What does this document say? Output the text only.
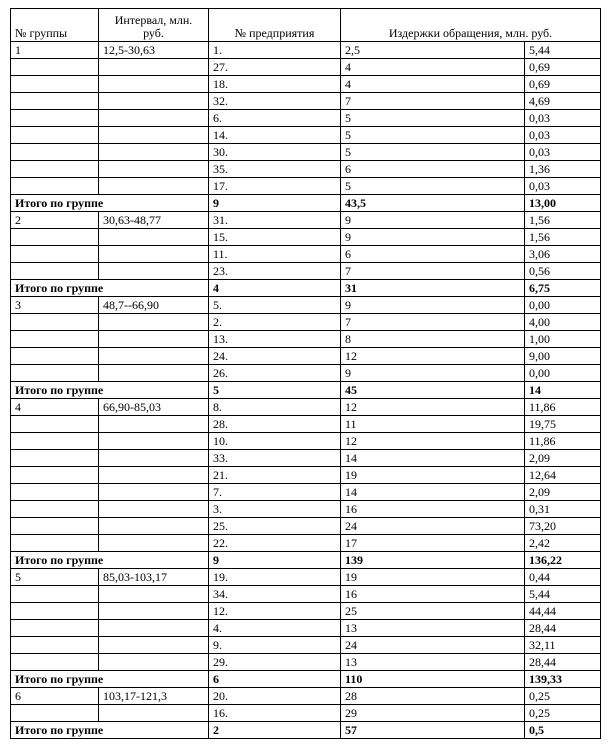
№ группы	Интервал, млн. руб.	№ предприятия	Издержки обращения, млн. руб.	
1	12,5-30,63	1.	2,5	5,44
		27.	4	0,69
		18.	4	0,69
		32.	7	4,69
		6.	5	0,03
		14.	5	0,03
		30.	5	0,03
		35.	6	1,36
		17.	5	0,03
Итого по группе		9	43,5	13,00
2	30,63-48,77	31.	9	1,56
		15.	9	1,56
		11.	6	3,06
		23.	7	0,56
Итого по группе		4	31	6,75
3	48,7--66,90	5.	9	0,00
		2.	7	4,00
		13.	8	1,00
		24.	12	9,00
		26.	9	0,00
Итого по группе		5	45	14
4	66,90-85,03	8.	12	11,86
		28.	11	19,75
		10.	12	11,86
		33.	14	2,09
		21.	19	12,64
		7.	14	2,09
		3.	16	0,31
		25.	24	73,20
		22.	17	2,42
Итого по группе		9	139	136,22
5	85,03-103,17	19.	19	0,44
		34.	16	5,44
		12.	25	44,44
		4.	13	28,44
		9.	24	32,11
		29.	13	28,44
Итого по группе		6	110	139,33
6	103,17-121,3	20.	28	0,25
		16.	29	0,25
Итого по группе		2	57	0,5
